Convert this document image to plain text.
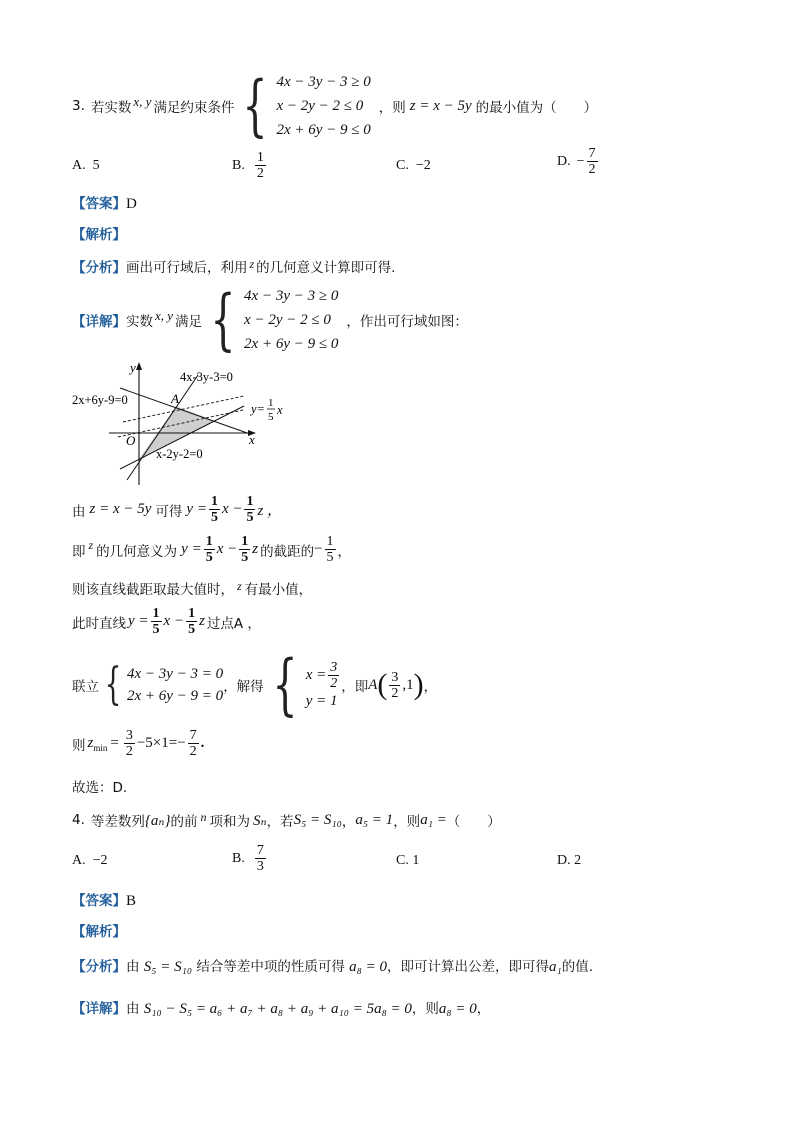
3. 若实数 x, y 满足约束条件 { 4x − 3y − 3 ≥ 0
x − 2y − 2 ≤ 0
2x + 6y − 9 ≤ 0
，则 z = x − 5y 的最小值为（　　）
A. 5	B. $\frac{1}{2}$	C. −2	D. − $\frac{7}{2}$
【答案】D
【解析】
【分析】画出可行域后，利用 z 的几何意义计算即可得.
【详解】 实数 x, y 满足 { 4x − 3y − 3 ≥ 0
x − 2y − 2 ≤ 0
2x + 6y − 9 ≤ 0
，作出可行域如图：
y
x
O
A
4x-3y-3=0
2x+6y-9=0
x-2y-2=0
y= 1
5 x
由 z = x − 5y 可得 $y = \frac{1}{5}$ $x - \frac{1}{5}$ z ，
即 z 的几何意义为 $y = \frac{1}{5}$ $x - \frac{1}{5}$ z 的截距的 − $\frac{1}{5}$ ，
则该直线截距取最大值时， z 有最小值，
此时直线 $y = \frac{1}{5}$ $x - \frac{1}{5}$ z 过点A ，
联立 { 4x − 3y − 3 = 0
2x + 6y − 9 = 0
，解得 { $x = \frac{3}{2}$
y = 1
，即 A ( $\frac{3}{2} ,1$ ) ，
则 $z_{min} = \frac{3}{2} -5\times 1=- \frac{7}{2}$ .
故选：D.
4. 等差数列 {aₙ} 的前 n 项和为 Sₙ ，若 S₅ = S₁₀ ， a₅ = 1 ，则 a₁ = （　　）
A. −2	B. $\frac{7}{3}$	C. 1	D. 2
【答案】B
【解析】
【分析】由 S₅ = S₁₀ 结合等差中项的性质可得 a₈ = 0，即可计算出公差，即可得a₁的值.
【详解】由 S₁₀ − S₅ = a₆ + a₇ + a₈ + a₉ + a₁₀ = 5a₈ = 0，则a₈ = 0，
